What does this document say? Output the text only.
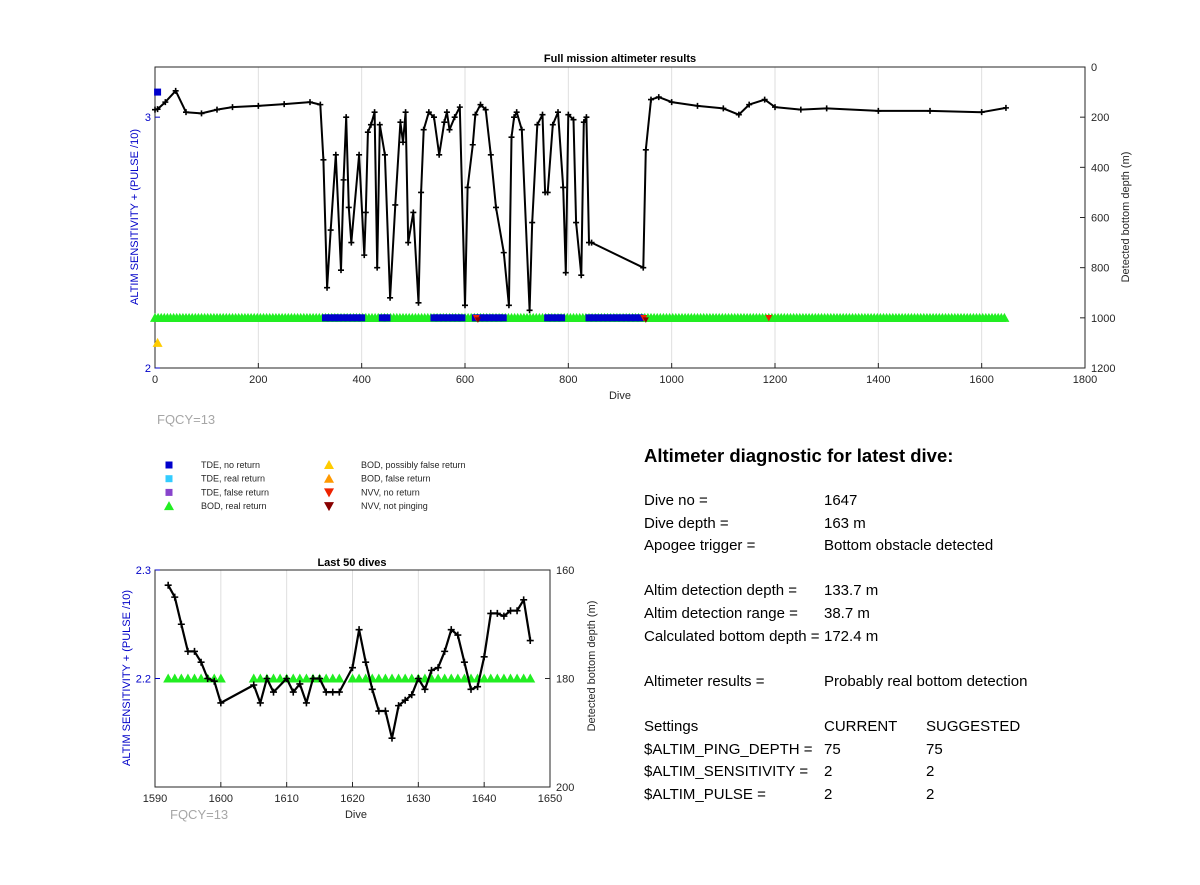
0	200	400	600	800	1000	1200	1400	1600	1800
2
3
0
200
400
600
800
1000
1200
Full mission altimeter results
Dive
ALTIM SENSITIVITY + (PULSE /10)	Detected bottom depth (m)
FQCY=13
TDE, no return
TDE, real return
TDE, false return
BOD, real return
BOD, possibly false return
BOD, false return
NVV, no return
NVV, not pinging
1590	1600	1610	1620	1630	1640	1650
2.2
2.3	160
180
200
Last 50 dives
Dive
ALTIM SENSITIVITY + (PULSE /10)	Detected bottom depth (m)
FQCY=13
Altimeter diagnostic for latest dive:
Dive no =	1647
Dive depth =	163 m
Apogee trigger =	Bottom obstacle detected
Altim detection depth = 133.7 m
Altim detection range = 38.7 m
Calculated bottom depth = 172.4 m
Altimeter results =	Probably real bottom detection
Settings	CURRENT SUGGESTED
$ALTIM_PING_DEPTH = 75	75
$ALTIM_SENSITIVITY = 2	2
$ALTIM_PULSE =	2	2
